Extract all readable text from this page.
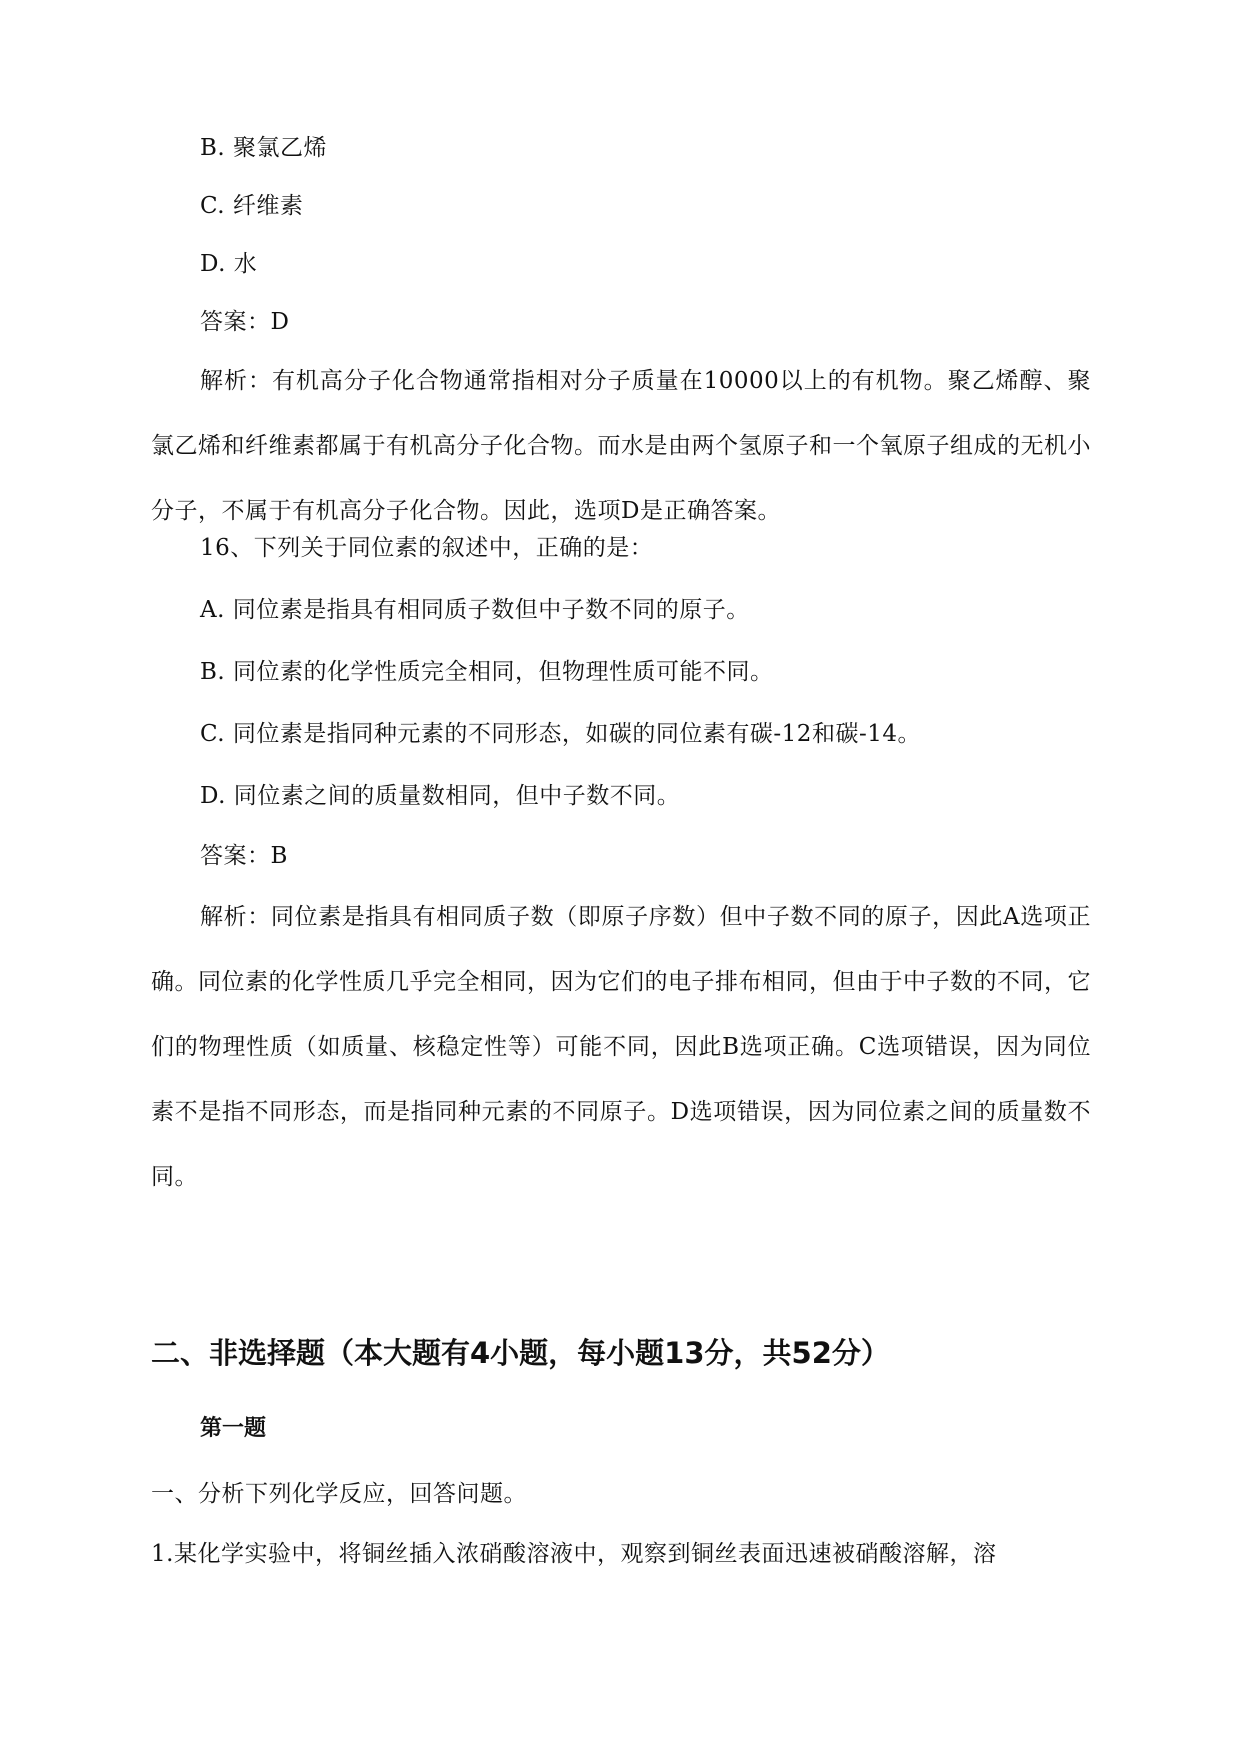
B. 聚氯乙烯
C. 纤维素
D. 水
答案：D
解析：有机高分子化合物通常指相对分子质量在10000以上的有机物。聚乙烯醇、聚氯乙烯和纤维素都属于有机高分子化合物。而水是由两个氢原子和一个氧原子组成的无机小分子，不属于有机高分子化合物。因此，选项D是正确答案。
16、下列关于同位素的叙述中，正确的是：
A. 同位素是指具有相同质子数但中子数不同的原子。
B. 同位素的化学性质完全相同，但物理性质可能不同。
C. 同位素是指同种元素的不同形态，如碳的同位素有碳-12和碳-14。
D. 同位素之间的质量数相同，但中子数不同。
答案：B
解析：同位素是指具有相同质子数（即原子序数）但中子数不同的原子，因此A选项正确。同位素的化学性质几乎完全相同，因为它们的电子排布相同，但由于中子数的不同，它们的物理性质（如质量、核稳定性等）可能不同，因此B选项正确。C选项错误，因为同位素不是指不同形态，而是指同种元素的不同原子。D选项错误，因为同位素之间的质量数不同。
二、非选择题（本大题有4小题，每小题13分，共52分）
第一题
一、分析下列化学反应，回答问题。
1.某化学实验中，将铜丝插入浓硝酸溶液中，观察到铜丝表面迅速被硝酸溶解，溶
